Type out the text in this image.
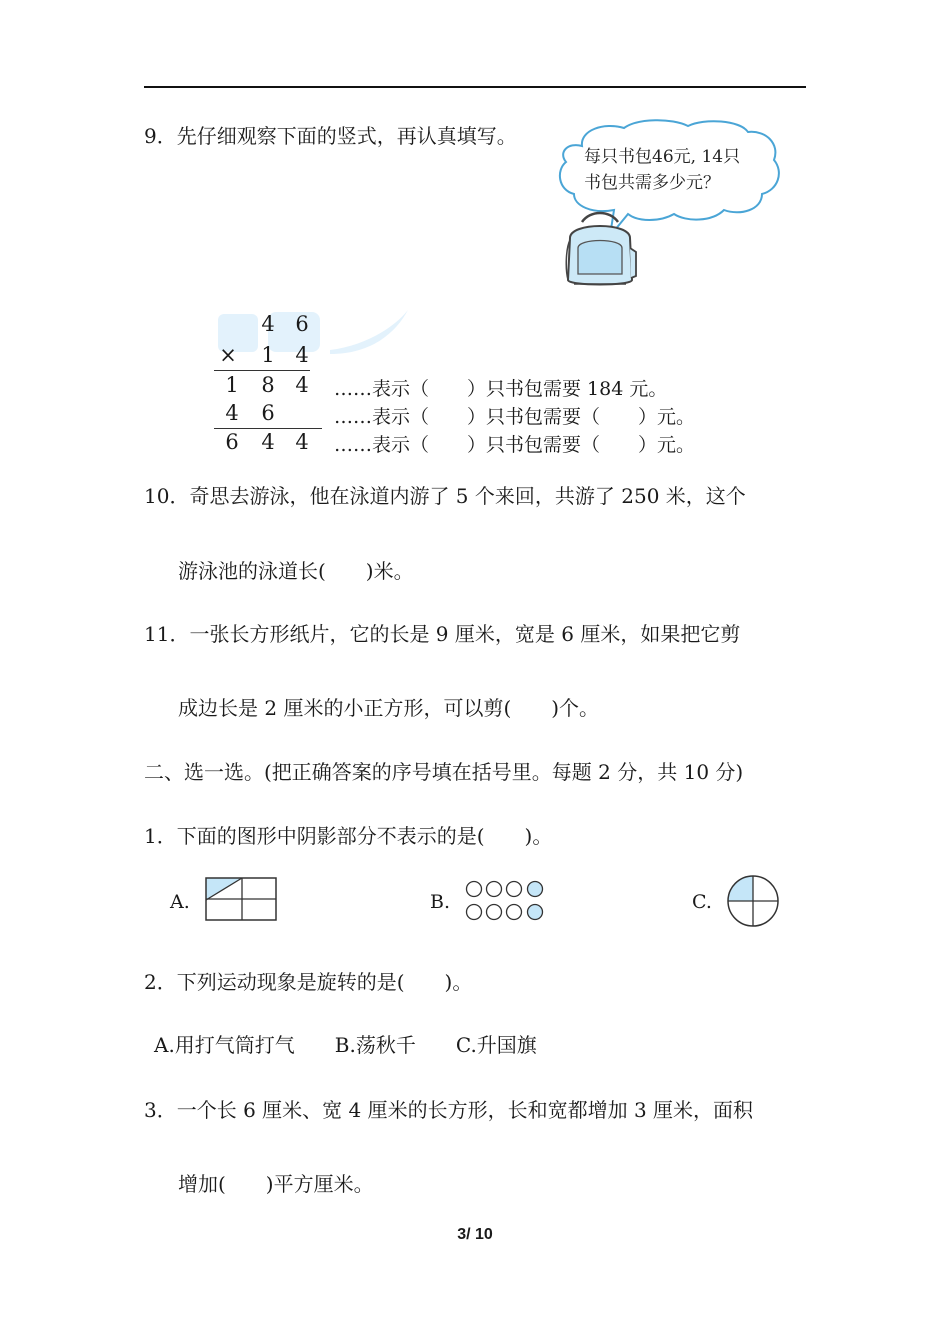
9．先仔细观察下面的竖式，再认真填写。
每只书包46元, 14只
书包共需多少元？
4 6
× 1 4
1 8 4
4 6
6 4 4
……表示（　　）只书包需要 184 元。
……表示（　　）只书包需要（　　）元。
……表示（　　）只书包需要（　　）元。
10．奇思去游泳，他在泳道内游了 5 个来回，共游了 250 米，这个
游泳池的泳道长(　　)米。
11．一张长方形纸片，它的长是 9 厘米，宽是 6 厘米，如果把它剪
成边长是 2 厘米的小正方形，可以剪(　　)个。
二、选一选。(把正确答案的序号填在括号里。每题 2 分，共 10 分)
1．下面的图形中阴影部分不表示的是(　　)。
A.	B.	C.
2．下列运动现象是旋转的是(　　)。
A.用打气筒打气　　B.荡秋千　　C.升国旗
3．一个长 6 厘米、宽 4 厘米的长方形，长和宽都增加 3 厘米，面积
增加(　　)平方厘米。
3/ 10
